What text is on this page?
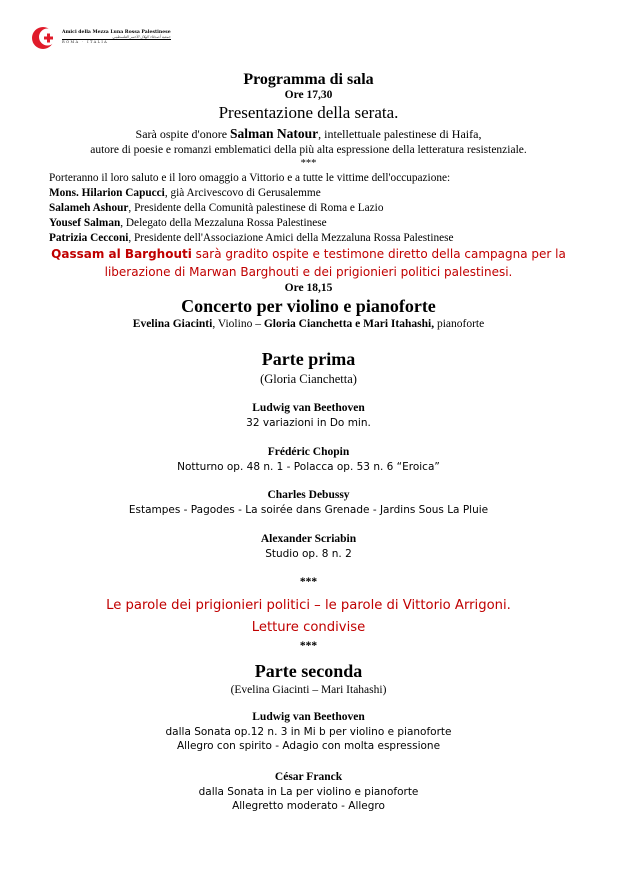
Amici della Mezza Luna Rossa Palestinese
جمعية أصدقاء الهلال الأحمر الفلسطيني
ROMA · ITALIA
Programma di sala
Ore 17,30
Presentazione della serata.
Sarà ospite d'onore Salman Natour, intellettuale palestinese di Haifa,
autore di poesie e romanzi emblematici della più alta espressione della letteratura resistenziale.
***
Porteranno il loro saluto e il loro omaggio a Vittorio e a tutte le vittime dell'occupazione:
Mons. Hilarion Capucci, già Arcivescovo di Gerusalemme
Salameh Ashour, Presidente della Comunità palestinese di Roma e Lazio
Yousef Salman, Delegato della Mezzaluna Rossa Palestinese
Patrizia Cecconi, Presidente dell'Associazione Amici della Mezzaluna Rossa Palestinese
Qassam al Barghouti sarà gradito ospite e testimone diretto della campagna per la
liberazione di Marwan Barghouti e dei prigionieri politici palestinesi.
Ore 18,15
Concerto per violino e pianoforte
Evelina Giacinti, Violino – Gloria Cianchetta e Mari Itahashi, pianoforte
Parte prima
(Gloria Cianchetta)
Ludwig van Beethoven
32 variazioni in Do min.
Frédéric Chopin
Notturno op. 48 n. 1 - Polacca op. 53 n. 6 “Eroica”
Charles Debussy
Estampes - Pagodes - La soirée dans Grenade - Jardins Sous La Pluie
Alexander Scriabin
Studio op. 8 n. 2
***
Le parole dei prigionieri politici – le parole di Vittorio Arrigoni.
Letture condivise
***
Parte seconda
(Evelina Giacinti – Mari Itahashi)
Ludwig van Beethoven
dalla Sonata op.12 n. 3 in Mi b per violino e pianoforte
Allegro con spirito - Adagio con molta espressione
César Franck
dalla Sonata in La per violino e pianoforte
Allegretto moderato - Allegro
